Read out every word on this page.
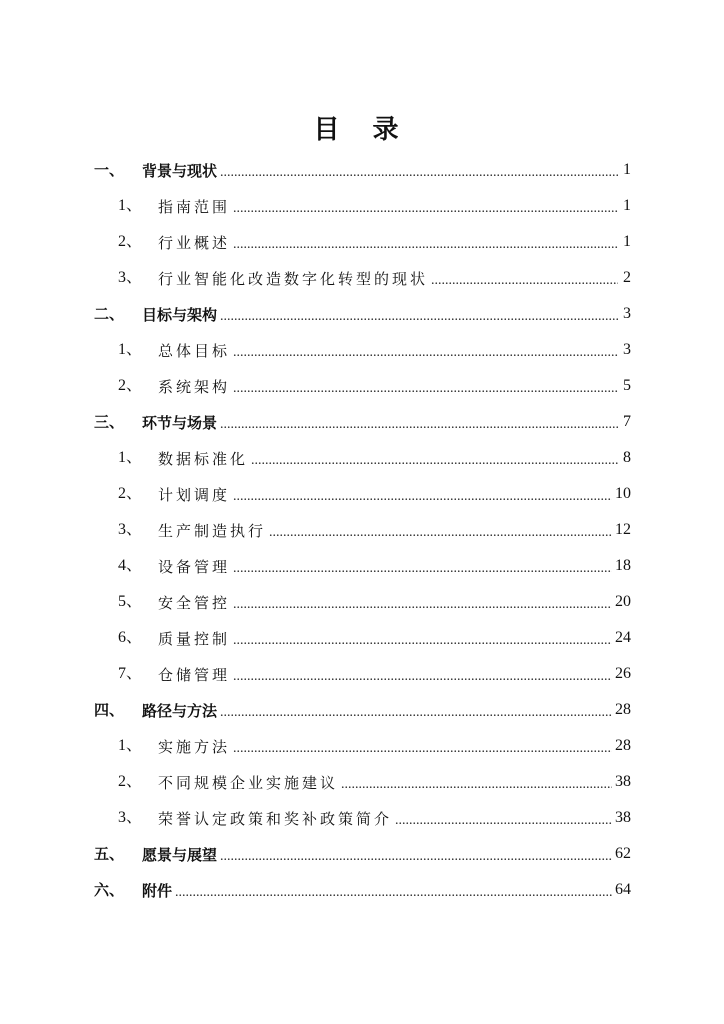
目 录
一、 背景与现状 .....	1
1、 指南范围 .....	1
2、 行业概述 .....	1
3、 行业智能化改造数字化转型的现状 .....	2
二、 目标与架构 .....	3
1、 总体目标 .....	3
2、 系统架构 .....	5
三、 环节与场景 .....	7
1、 数据标准化 .....	8
2、 计划调度 .....	10
3、 生产制造执行 .....	12
4、 设备管理 .....	18
5、 安全管控 .....	20
6、 质量控制 .....	24
7、 仓储管理 .....	26
四、 路径与方法 .....	28
1、 实施方法 .....	28
2、 不同规模企业实施建议 .....	38
3、 荣誉认定政策和奖补政策简介 .....	38
五、 愿景与展望 .....	62
六、 附件 .....	64
